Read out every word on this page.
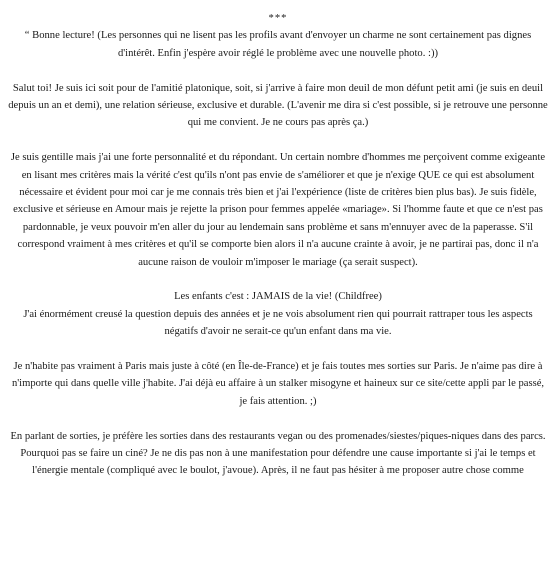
***

“ Bonne lecture! (Les personnes qui ne lisent pas les profils avant d'envoyer un charme ne sont certainement pas dignes d'intérêt. Enfin j'espère avoir réglé le problème avec une nouvelle photo. :))

Salut toi! Je suis ici soit pour de l'amitié platonique, soit, si j'arrive à faire mon deuil de mon défunt petit ami (je suis en deuil depuis un an et demi), une relation sérieuse, exclusive et durable. (L'avenir me dira si c'est possible, si je retrouve une personne qui me convient. Je ne cours pas après ça.)

Je suis gentille mais j'ai une forte personnalité et du répondant. Un certain nombre d'hommes me perçoivent comme exigeante en lisant mes critères mais la vérité c'est qu'ils n'ont pas envie de s'améliorer et que je n'exige QUE ce qui est absolument nécessaire et évident pour moi car je me connais très bien et j'ai l'expérience (liste de critères bien plus bas). Je suis fidèle, exclusive et sérieuse en Amour mais je rejette la prison pour femmes appelée «mariage». Si l'homme faute et que ce n'est pas pardonnable, je veux pouvoir m'en aller du jour au lendemain sans problème et sans m'ennuyer avec de la paperasse. S'il correspond vraiment à mes critères et qu'il se comporte bien alors il n'a aucune crainte à avoir, je ne partirai pas, donc il n'a aucune raison de vouloir m'imposer le mariage (ça serait suspect).

Les enfants c'est : JAMAIS de la vie! (Childfree)

J'ai énormément creusé la question depuis des années et je ne vois absolument rien qui pourrait rattraper tous les aspects négatifs d'avoir ne serait-ce qu'un enfant dans ma vie.

Je n'habite pas vraiment à Paris mais juste à côté (en Île-de-France) et je fais toutes mes sorties sur Paris. Je n'aime pas dire à n'importe qui dans quelle ville j'habite. J'ai déjà eu affaire à un stalker misogyne et haineux sur ce site/cette appli par le passé, je fais attention. ;)

En parlant de sorties, je préfère les sorties dans des restaurants vegan ou des promenades/siestes/piques-niques dans des parcs. Pourquoi pas se faire un ciné? Je ne dis pas non à une manifestation pour défendre une cause importante si j'ai le temps et l'énergie mentale (compliqué avec le boulot, j'avoue). Après, il ne faut pas hésiter à me proposer autre chose comme
